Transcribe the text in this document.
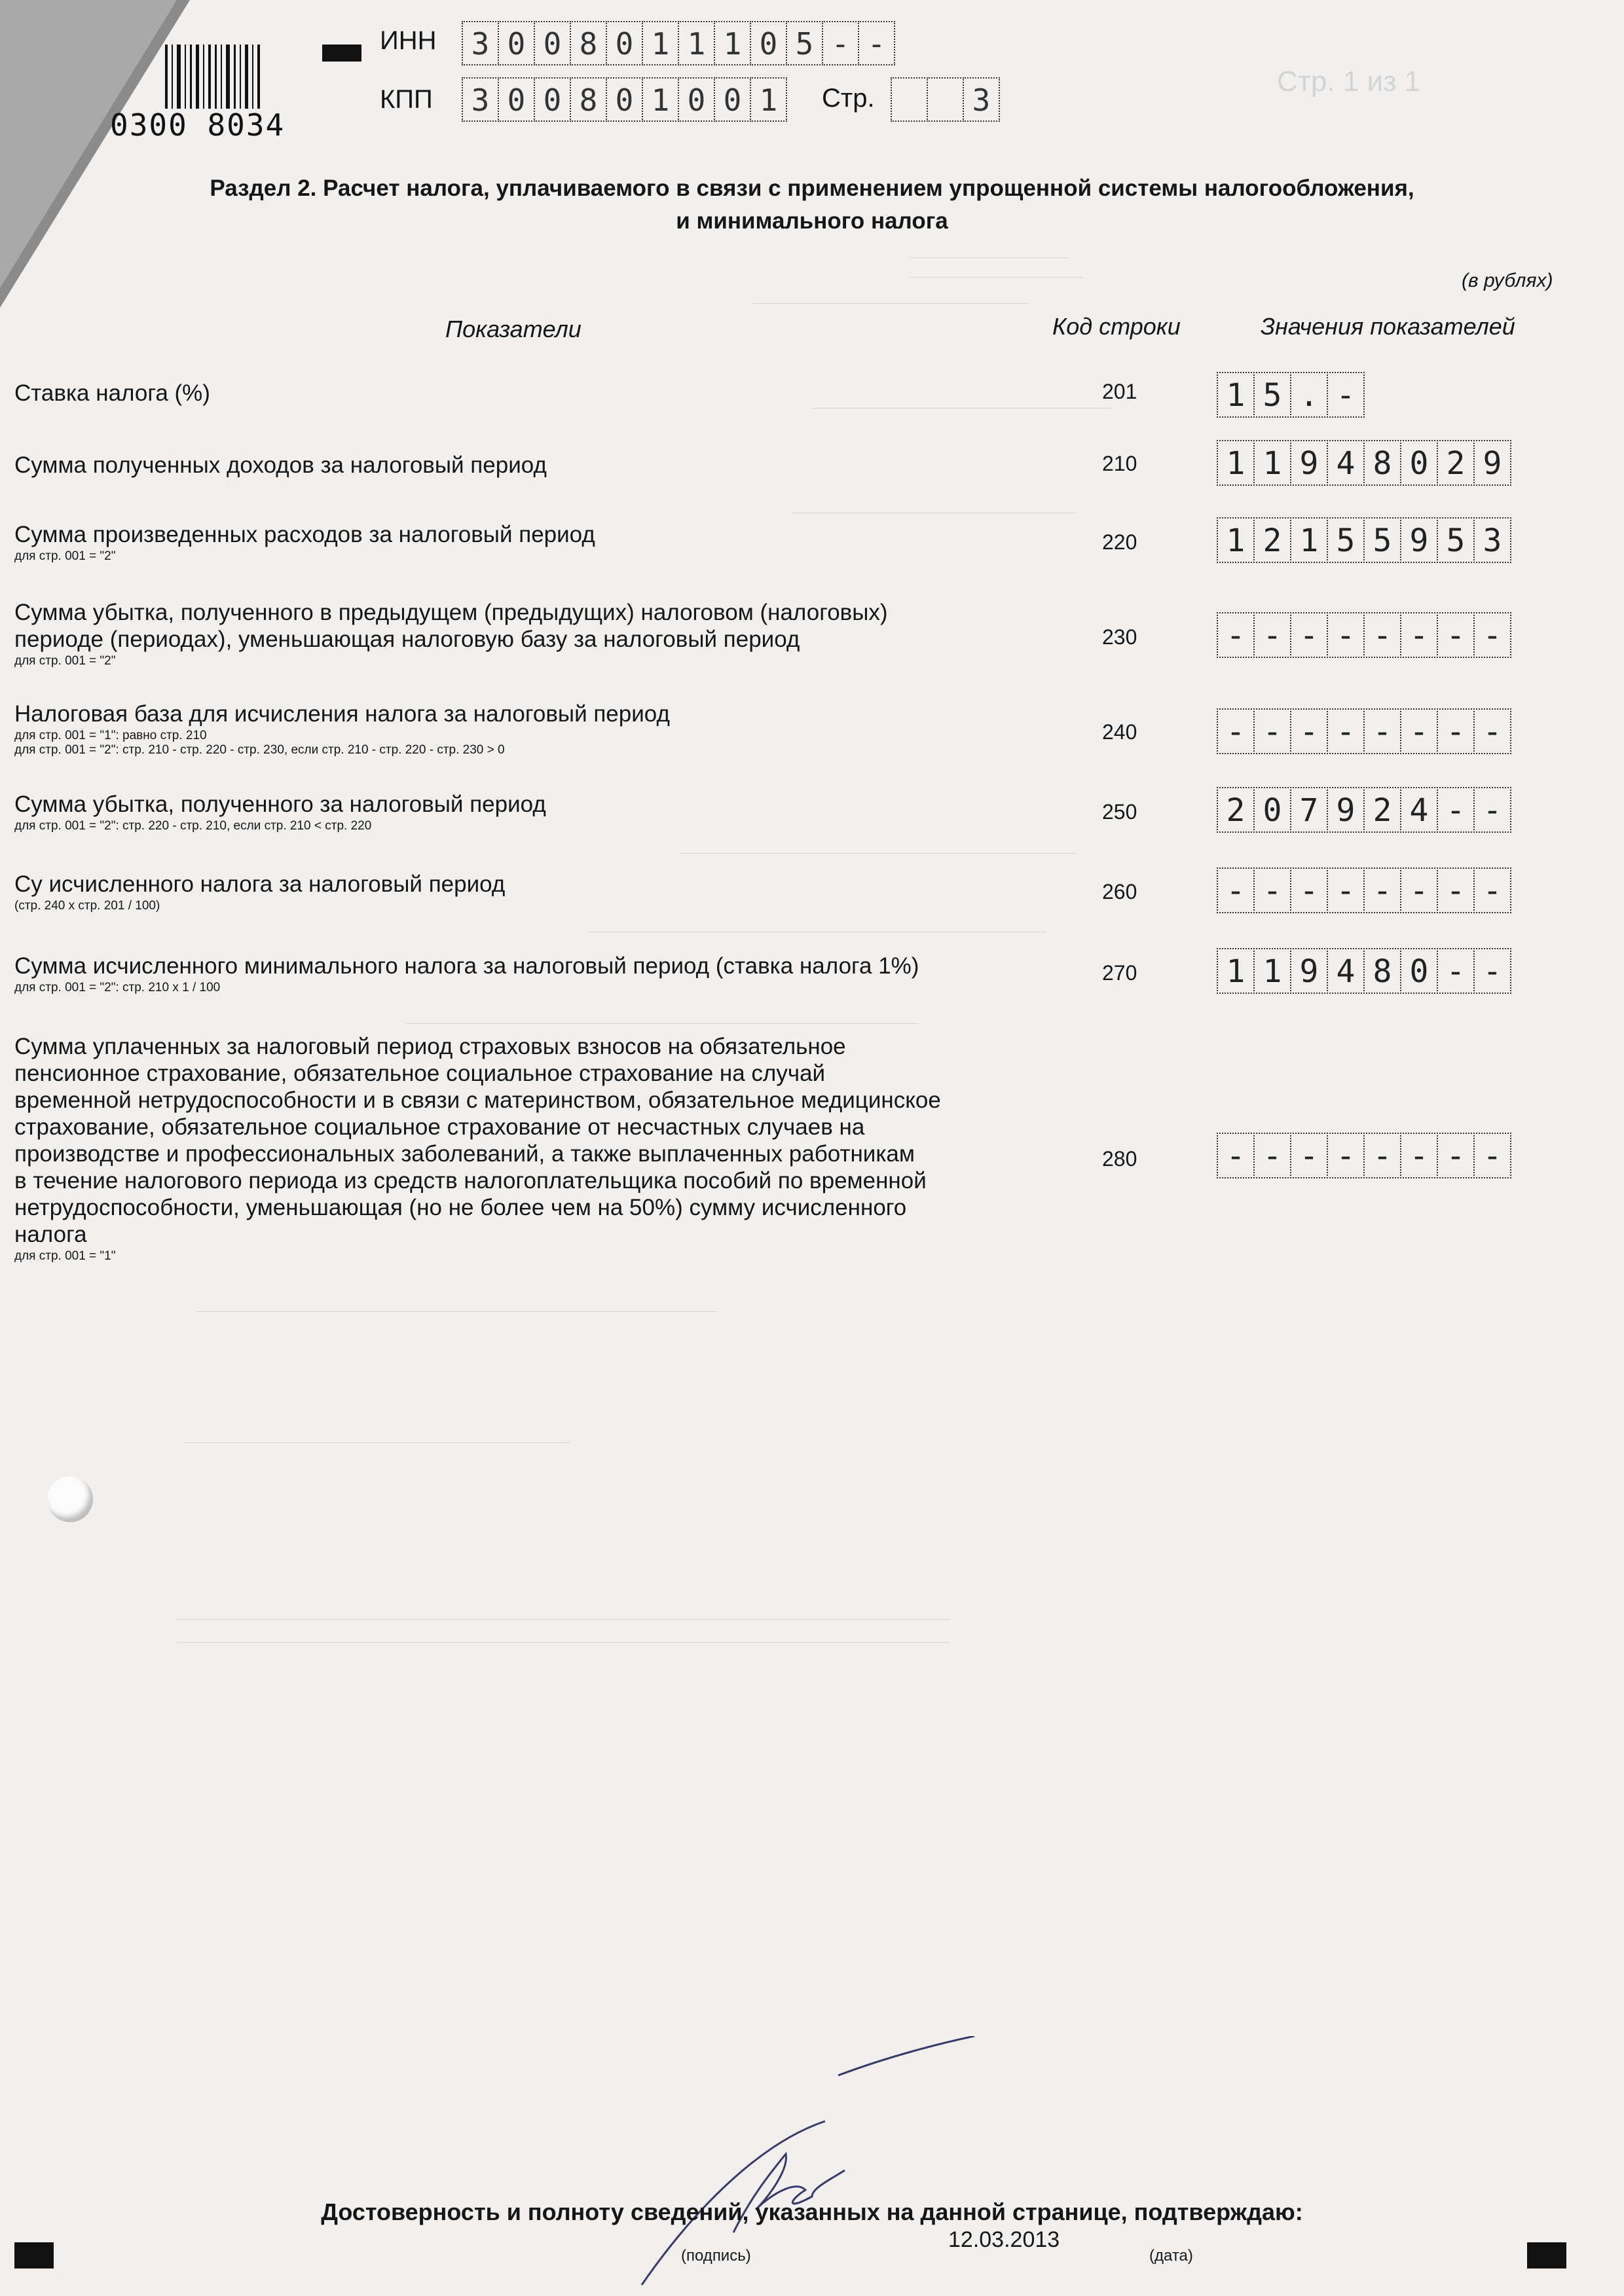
____________________
______________________
___________________________________
______________________________________
____________________________________
__________________________________________________
__________________________________________________________
_________________________________________________________________
__________________________________________________________________
_________________________________________________
__________________________________________________________________________________________________
__________________________________________________________________________________________________
Стр. 1 из 1
0300 8034
ИНН	3 0 0 8 0 1 1 1 0 5 - -
КПП	3 0 0 8 0 1 0 0 1	Стр.	3
Раздел 2. Расчет налога, уплачиваемого в связи с применением упрощенной системы налогообложения,
и минимального налога
(в рублях)
Показатели	Код строки	Значения показателей
Ставка налога (%)	201	1 5 . -
Сумма полученных доходов за налоговый период	210	1 1 9 4 8 0 2 9
Сумма произведенных расходов за налоговый период
для стр. 001 = "2"
220	1 2 1 5 5 9 5 3
Сумма убытка, полученного в предыдущем (предыдущих) налоговом (налоговых)
периоде (периодах), уменьшающая налоговую базу за налоговый период
для стр. 001 = "2"
230	- - - - - - - -
Налоговая база для исчисления налога за налоговый период
для стр. 001 = "1": равно стр. 210
для стр. 001 = "2": стр. 210 - стр. 220 - стр. 230, если стр. 210 - стр. 220 - стр. 230 > 0
240	- - - - - - - -
Сумма убытка, полученного за налоговый период
для стр. 001 = "2": стр. 220 - стр. 210, если стр. 210 < стр. 220
250	2 0 7 9 2 4 - -
Су исчисленного налога за налоговый период
(стр. 240 х стр. 201 / 100)
260	- - - - - - - -
Сумма исчисленного минимального налога за налоговый период (ставка налога 1%)
для стр. 001 = "2": стр. 210 х 1 / 100
270	1 1 9 4 8 0 - -
Сумма уплаченных за налоговый период страховых взносов на обязательное
пенсионное страхование, обязательное социальное страхование на случай
временной нетрудоспособности и в связи с материнством, обязательное медицинское
страхование, обязательное социальное страхование от несчастных случаев на
производстве и профессиональных заболеваний, а также выплаченных работникам
в течение налогового периода из средств налогоплательщика пособий по временной
нетрудоспособности, уменьшающая (но не более чем на 50%) сумму исчисленного
налога
для стр. 001 = "1"
280	- - - - - - - -
Достоверность и полноту сведений, указанных на данной странице, подтверждаю:
(подпись)
12.03.2013
(дата)
